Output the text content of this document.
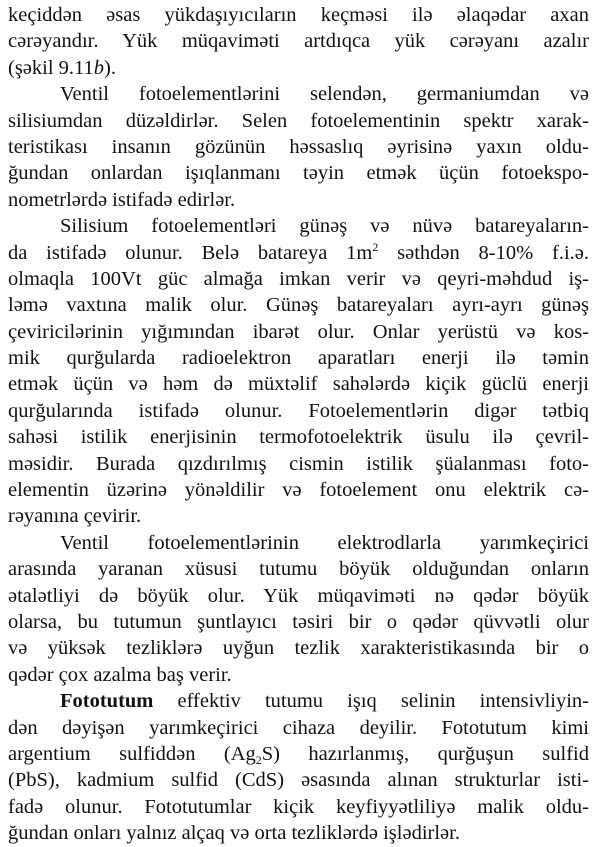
keçiddən əsas yükdaşıyıcıların keçməsi ilə əlaqədar axan
cərəyandır. Yük müqaviməti artdıqca yük cərəyanı azalır
(şəkil 9.11b).
Ventil fotoelementlərini selendən, germaniumdan və
silisiumdan düzəldirlər. Selen fotoelementinin spektr xarak-
teristikası insanın gözünün həssaslıq əyrisinə yaxın oldu-
ğundan onlardan işıqlanmanı təyin etmək üçün fotoekspo-
nometrlərdə istifadə edirlər.
Silisium fotoelementləri günəş və nüvə batareyaların-
da istifadə olunur. Belə batareya $1m^2$ səthdən 8-10% f.i.ə.
olmaqla 100Vt güc almağa imkan verir və qeyri-məhdud iş-
ləmə vaxtına malik olur. Günəş batareyaları ayrı-ayrı günəş
çeviricilərinin yığımından ibarət olur. Onlar yerüstü və kos-
mik qurğularda radioelektron aparatları enerji ilə təmin
etmək üçün və həm də müxtəlif sahələrdə kiçik güclü enerji
qurğularında istifadə olunur. Fotoelementlərin digər tətbiq
sahəsi istilik enerjisinin termofotoelektrik üsulu ilə çevril-
məsidir. Burada qızdırılmış cismin istilik şüalanması foto-
elementin üzərinə yönəldilir və fotoelement onu elektrik cə-
rəyanına çevirir.
Ventil fotoelementlərinin elektrodlarla yarımkeçirici
arasında yaranan xüsusi tutumu böyük olduğundan onların
ətalətliyi də böyük olur. Yük müqaviməti nə qədər böyük
olarsa, bu tutumun şuntlayıcı təsiri bir o qədər qüvvətli olur
və yüksək tezliklərə uyğun tezlik xarakteristikasında bir o
qədər çox azalma baş verir.
Fototutum effektiv tutumu işıq selinin intensivliyin-
dən dəyişən yarımkeçirici cihaza deyilir. Fototutum kimi
argentium sulfiddən $(Ag_2S)$ hazırlanmış, qurğuşun sulfid
(PbS), kadmium sulfid (CdS) əsasında alınan strukturlar isti-
fadə olunur. Fototutumlar kiçik keyfiyyətliliyə malik oldu-
ğundan onları yalnız alçaq və orta tezliklərdə işlədirlər.
